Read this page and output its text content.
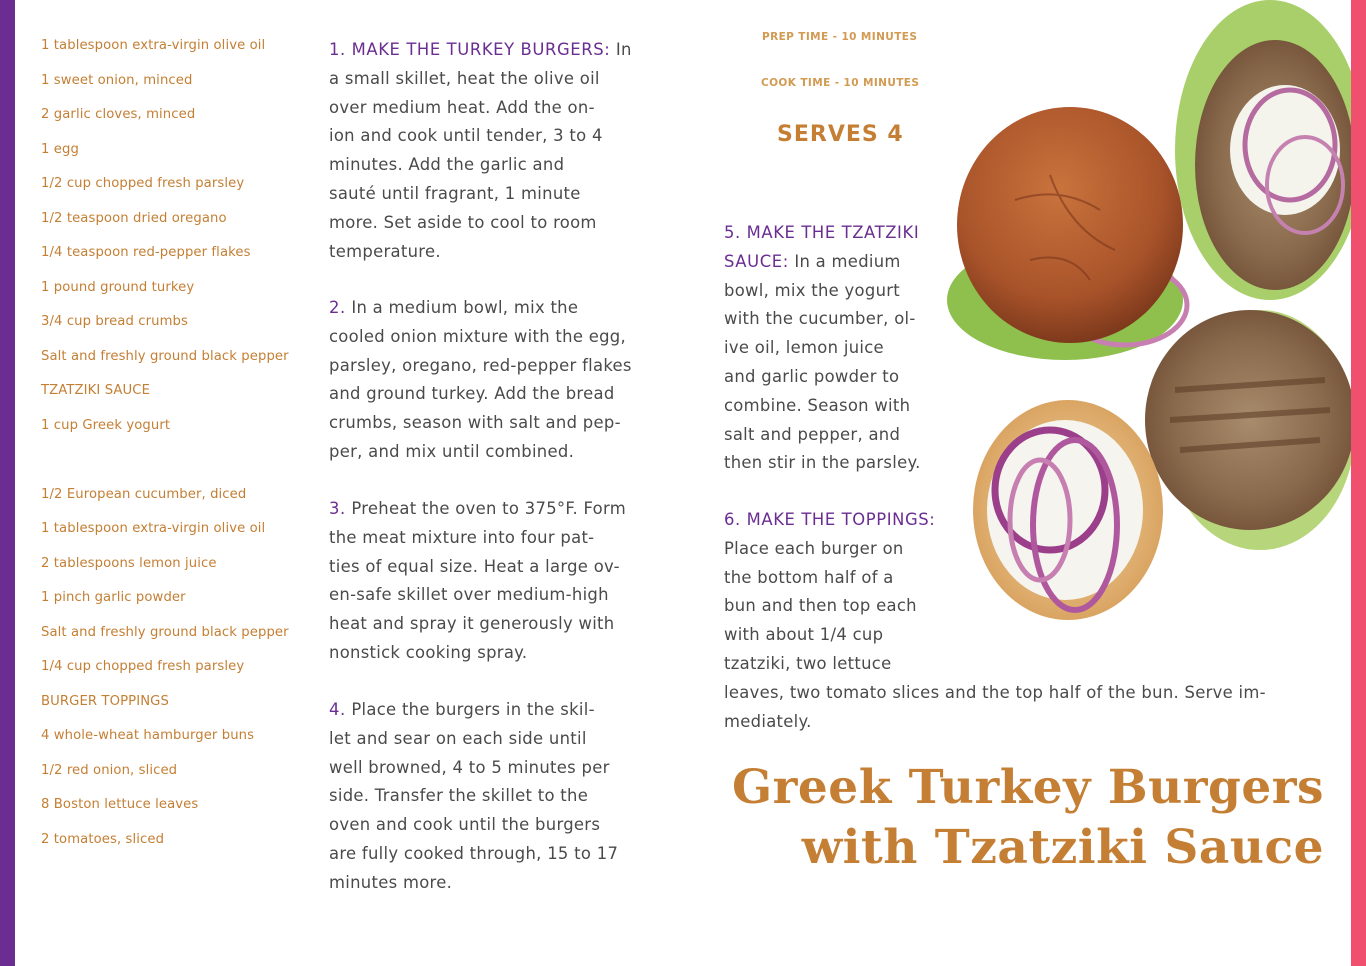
1 tablespoon extra-virgin olive oil
1 sweet onion, minced
2 garlic cloves, minced
1 egg
1/2 cup chopped fresh parsley
1/2 teaspoon dried oregano
1/4 teaspoon red-pepper flakes
1 pound ground turkey
3/4 cup bread crumbs
Salt and freshly ground black pepper
TZATZIKI SAUCE
1 cup Greek yogurt
1/2 European cucumber, diced
1 tablespoon extra-virgin olive oil
2 tablespoons lemon juice
1 pinch garlic powder
Salt and freshly ground black pepper
1/4 cup chopped fresh parsley
BURGER TOPPINGS
4 whole-wheat hamburger buns
1/2 red onion, sliced
8 Boston lettuce leaves
2 tomatoes, sliced
1. MAKE THE TURKEY BURGERS: In
a small skillet, heat the olive oil
over medium heat. Add the on-
ion and cook until tender, 3 to 4
minutes. Add the garlic and
sauté until fragrant, 1 minute
more. Set aside to cool to room
temperature.
2. In a medium bowl, mix the
cooled onion mixture with the egg,
parsley, oregano, red-pepper flakes
and ground turkey. Add the bread
crumbs, season with salt and pep-
per, and mix until combined.
3. Preheat the oven to 375°F. Form
the meat mixture into four pat-
ties of equal size. Heat a large ov-
en-safe skillet over medium-high
heat and spray it generously with
nonstick cooking spray.
4. Place the burgers in the skil-
let and sear on each side until
well browned, 4 to 5 minutes per
side. Transfer the skillet to the
oven and cook until the burgers
are fully cooked through, 15 to 17
minutes more.
PREP TIME - 10 MINUTES
COOK TIME - 10 MINUTES
SERVES 4
5. MAKE THE TZATZIKI
SAUCE: In a medium
bowl, mix the yogurt
with the cucumber, ol-
ive oil, lemon juice
and garlic powder to
combine. Season with
salt and pepper, and
then stir in the parsley.
6. MAKE THE TOPPINGS:
Place each burger on
the bottom half of a
bun and then top each
with about 1/4 cup
tzatziki, two lettuce
leaves, two tomato slices and the top half of the bun. Serve im-
mediately.
Greek Turkey Burgers
with Tzatziki Sauce
